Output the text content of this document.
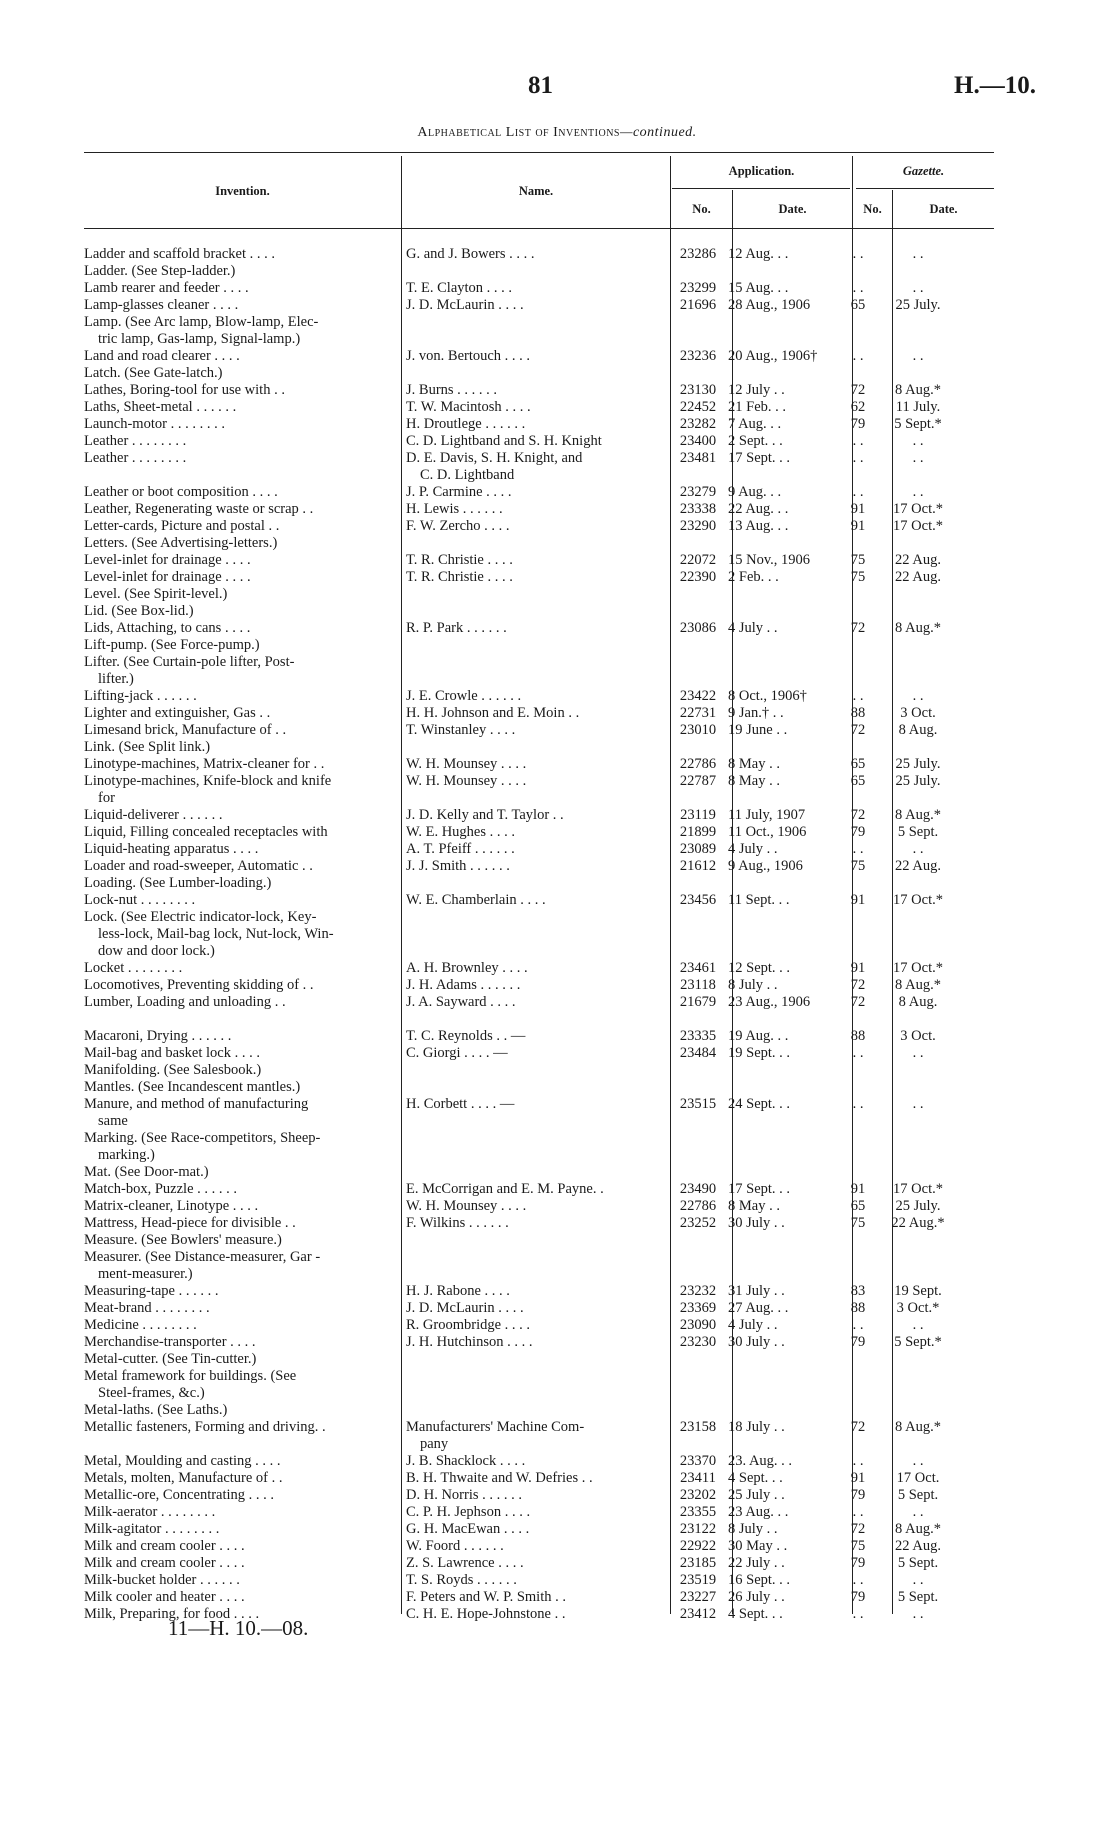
81	H.—10.
Alphabetical List of Inventions—continued.
Invention.	Name.
Application.
No.	Date.
Gazette.
No.	Date.
Ladder and scaffold bracket . . . .	G. and J. Bowers . . . .	23286	12 Aug. . .	. .	. .
Ladder. (See Step-ladder.)					
Lamb rearer and feeder . . . .	T. E. Clayton . . . .	23299	15 Aug. . .	. .	. .
Lamp-glasses cleaner . . . .	J. D. McLaurin . . . .	21696	28 Aug., 1906	65	25 July.
Lamp. (See Arc lamp, Blow-lamp, Elec-					
tric lamp, Gas-lamp, Signal-lamp.)					
Land and road clearer . . . .	J. von. Bertouch . . . .	23236	20 Aug., 1906†	. .	. .
Latch. (See Gate-latch.)					
Lathes, Boring-tool for use with . .	J. Burns . . . . . .	23130	12 July . .	72	8 Aug.*
Laths, Sheet-metal . . . . . .	T. W. Macintosh . . . .	22452	21 Feb. . .	62	11 July.
Launch-motor . . . . . . . .	H. Droutlege . . . . . .	23282	7 Aug. . .	79	5 Sept.*
Leather . . . . . . . .	C. D. Lightband and S. H. Knight	23400	2 Sept. . .	. .	. .
Leather . . . . . . . .	D. E. Davis, S. H. Knight, and	23481	17 Sept. . .	. .	. .
	C. D. Lightband				
Leather or boot composition . . . .	J. P. Carmine . . . .	23279	9 Aug. . .	. .	. .
Leather, Regenerating waste or scrap . .	H. Lewis . . . . . .	23338	22 Aug. . .	91	17 Oct.*
Letter-cards, Picture and postal . .	F. W. Zercho . . . .	23290	13 Aug. . .	91	17 Oct.*
Letters. (See Advertising-letters.)					
Level-inlet for drainage . . . .	T. R. Christie . . . .	22072	15 Nov., 1906	75	22 Aug.
Level-inlet for drainage . . . .	T. R. Christie . . . .	22390	2 Feb. . .	75	22 Aug.
Level. (See Spirit-level.)					
Lid. (See Box-lid.)					
Lids, Attaching, to cans . . . .	R. P. Park . . . . . .	23086	4 July . .	72	8 Aug.*
Lift-pump. (See Force-pump.)					
Lifter. (See Curtain-pole lifter, Post-					
lifter.)					
Lifting-jack . . . . . .	J. E. Crowle . . . . . .	23422	8 Oct., 1906†	. .	. .
Lighter and extinguisher, Gas . .	H. H. Johnson and E. Moin . .	22731	9 Jan.† . .	88	3 Oct.
Limesand brick, Manufacture of . .	T. Winstanley . . . .	23010	19 June . .	72	8 Aug.
Link. (See Split link.)					
Linotype-machines, Matrix-cleaner for . .	W. H. Mounsey . . . .	22786	8 May . .	65	25 July.
Linotype-machines, Knife-block and knife	W. H. Mounsey . . . .	22787	8 May . .	65	25 July.
for					
Liquid-deliverer . . . . . .	J. D. Kelly and T. Taylor . .	23119	11 July, 1907	72	8 Aug.*
Liquid, Filling concealed receptacles with	W. E. Hughes . . . .	21899	11 Oct., 1906	79	5 Sept.
Liquid-heating apparatus . . . .	A. T. Pfeiff . . . . . .	23089	4 July . .	. .	. .
Loader and road-sweeper, Automatic . .	J. J. Smith . . . . . .	21612	9 Aug., 1906	75	22 Aug.
Loading. (See Lumber-loading.)					
Lock-nut . . . . . . . .	W. E. Chamberlain . . . .	23456	11 Sept. . .	91	17 Oct.*
Lock. (See Electric indicator-lock, Key-					
less-lock, Mail-bag lock, Nut-lock, Win-					
dow and door lock.)					
Locket . . . . . . . .	A. H. Brownley . . . .	23461	12 Sept. . .	91	17 Oct.*
Locomotives, Preventing skidding of . .	J. H. Adams . . . . . .	23118	8 July . .	72	8 Aug.*
Lumber, Loading and unloading . .	J. A. Sayward . . . .	21679	23 Aug., 1906	72	8 Aug.

Macaroni, Drying . . . . . .	T. C. Reynolds . . —	23335	19 Aug. . .	88	3 Oct.
Mail-bag and basket lock . . . .	C. Giorgi . . . . —	23484	19 Sept. . .	. .	. .
Manifolding. (See Salesbook.)					
Mantles. (See Incandescent mantles.)					
Manure, and method of manufacturing	H. Corbett . . . . —	23515	24 Sept. . .	. .	. .
same					
Marking. (See Race-competitors, Sheep-					
marking.)					
Mat. (See Door-mat.)					
Match-box, Puzzle . . . . . .	E. McCorrigan and E. M. Payne. .	23490	17 Sept. . .	91	17 Oct.*
Matrix-cleaner, Linotype . . . .	W. H. Mounsey . . . .	22786	8 May . .	65	25 July.
Mattress, Head-piece for divisible . .	F. Wilkins . . . . . .	23252	30 July . .	75	22 Aug.*
Measure. (See Bowlers' measure.)					
Measurer. (See Distance-measurer, Gar -					
ment-measurer.)					
Measuring-tape . . . . . .	H. J. Rabone . . . .	23232	31 July . .	83	19 Sept.
Meat-brand . . . . . . . .	J. D. McLaurin . . . .	23369	27 Aug. . .	88	3 Oct.*
Medicine . . . . . . . .	R. Groombridge . . . .	23090	4 July . .	. .	. .
Merchandise-transporter . . . .	J. H. Hutchinson . . . .	23230	30 July . .	79	5 Sept.*
Metal-cutter. (See Tin-cutter.)					
Metal framework for buildings. (See					
Steel-frames, &c.)					
Metal-laths. (See Laths.)					
Metallic fasteners, Forming and driving. .	Manufacturers' Machine Com-	23158	18 July . .	72	8 Aug.*
	pany				
Metal, Moulding and casting . . . .	J. B. Shacklock . . . .	23370	23. Aug. . .	. .	. .
Metals, molten, Manufacture of . .	B. H. Thwaite and W. Defries . .	23411	4 Sept. . .	91	17 Oct.
Metallic-ore, Concentrating . . . .	D. H. Norris . . . . . .	23202	25 July . .	79	5 Sept.
Milk-aerator . . . . . . . .	C. P. H. Jephson . . . .	23355	23 Aug. . .	. .	. .
Milk-agitator . . . . . . . .	G. H. MacEwan . . . .	23122	8 July . .	72	8 Aug.*
Milk and cream cooler . . . .	W. Foord . . . . . .	22922	30 May . .	75	22 Aug.
Milk and cream cooler . . . .	Z. S. Lawrence . . . .	23185	22 July . .	79	5 Sept.
Milk-bucket holder . . . . . .	T. S. Royds . . . . . .	23519	16 Sept. . .	. .	. .
Milk cooler and heater . . . .	F. Peters and W. P. Smith . .	23227	26 July . .	79	5 Sept.
Milk, Preparing, for food . . . .	C. H. E. Hope-Johnstone . .	23412	4 Sept. . .	. .	. .
11—H. 10.—08.
